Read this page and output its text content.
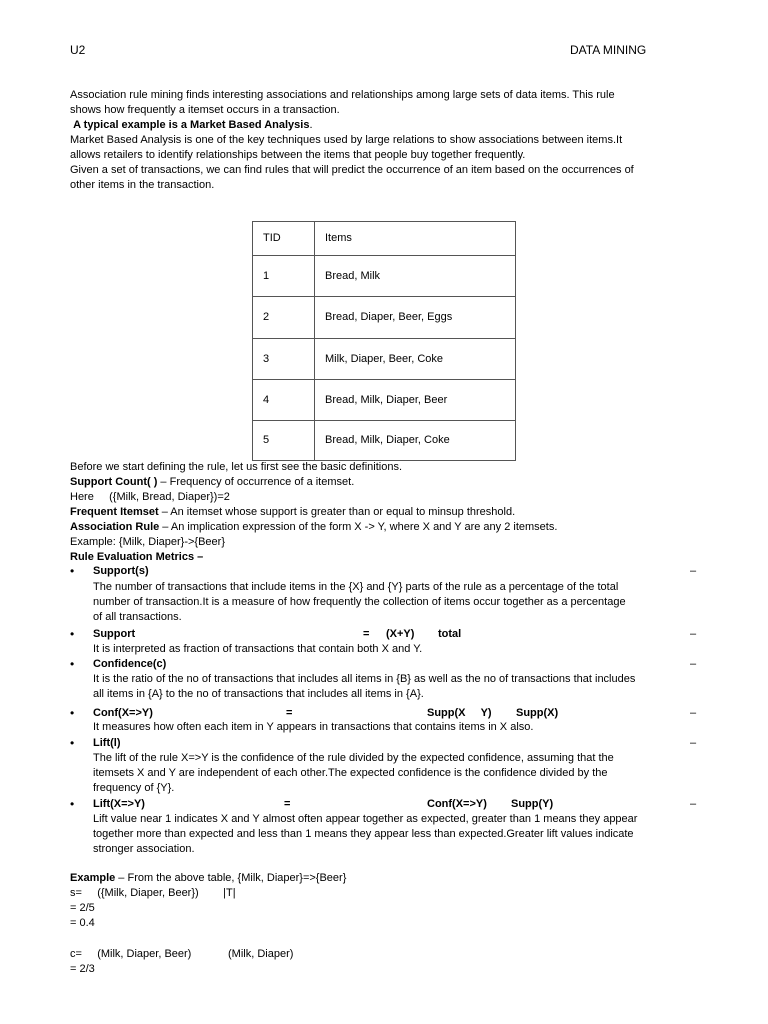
U2	DATA MINING
Association rule mining finds interesting associations and relationships among large sets of data items. This rule
shows how frequently a itemset occurs in a transaction.
A typical example is a Market Based Analysis.
Market Based Analysis is one of the key techniques used by large relations to show associations between items.It
allows retailers to identify relationships between the items that people buy together frequently.
Given a set of transactions, we can find rules that will predict the occurrence of an item based on the occurrences of
other items in the transaction.
TID	Items
1	Bread, Milk
2	Bread, Diaper, Beer, Eggs
3	Milk, Diaper, Beer, Coke
4	Bread, Milk, Diaper, Beer
5	Bread, Milk, Diaper, Coke
Before we start defining the rule, let us first see the basic definitions.
Support Count( ) – Frequency of occurrence of a itemset.
Here     ({Milk, Bread, Diaper})=2
Frequent Itemset – An itemset whose support is greater than or equal to minsup threshold.
Association Rule – An implication expression of the form X -> Y, where X and Y are any 2 itemsets.
Example: {Milk, Diaper}->{Beer}
Rule Evaluation Metrics –
• Support(s)	–
The number of transactions that include items in the {X} and {Y} parts of the rule as a percentage of the total
number of transaction.It is a measure of how frequently the collection of items occur together as a percentage
of all transactions.
• Support	= (X+Y) total	–
It is interpreted as fraction of transactions that contain both X and Y.
• Confidence(c)	–
It is the ratio of the no of transactions that includes all items in {B} as well as the no of transactions that includes
all items in {A} to the no of transactions that includes all items in {A}.
• Conf(X=>Y)	=	Supp(X     Y) Supp(X)	–
It measures how often each item in Y appears in transactions that contains items in X also.
• Lift(l)	–
The lift of the rule X=>Y is the confidence of the rule divided by the expected confidence, assuming that the
itemsets X and Y are independent of each other.The expected confidence is the confidence divided by the
frequency of {Y}.
• Lift(X=>Y)	=	Conf(X=>Y) Supp(Y)	–
Lift value near 1 indicates X and Y almost often appear together as expected, greater than 1 means they appear
together more than expected and less than 1 means they appear less than expected.Greater lift values indicate
stronger association.
Example – From the above table, {Milk, Diaper}=>{Beer}
s=     ({Milk, Diaper, Beer})        |T|
= 2/5
= 0.4
c=     (Milk, Diaper, Beer)            (Milk, Diaper)
= 2/3
